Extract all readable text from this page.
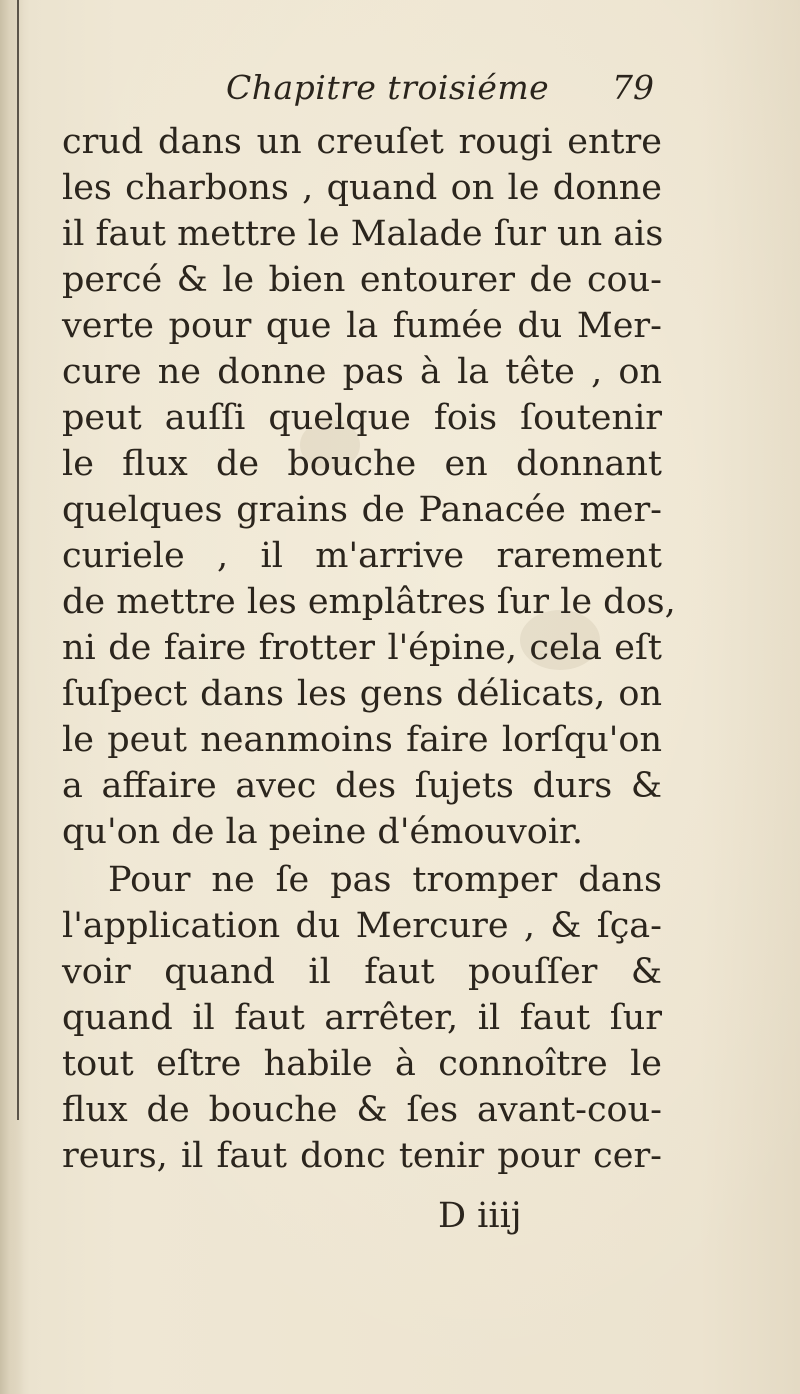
Chapitre troisiéme 79
crud dans un creuſet rougi entre
les charbons , quand on le donne
il faut mettre le Malade ſur un ais
percé & le bien entourer de cou-
verte pour que la fumée du Mer-
cure ne donne pas à la tête , on
peut auſſi quelque fois ſoutenir
le flux de bouche en donnant
quelques grains de Panacée mer-
curiele , il m'arrive rarement
de mettre les emplâtres ſur le dos,
ni de faire frotter l'épine, cela eſt
ſuſpect dans les gens délicats, on
le peut neanmoins faire lorſqu'on
a affaire avec des ſujets durs &
qu'on de la peine d'émouvoir.
Pour ne ſe pas tromper dans
l'application du Mercure , & ſça-
voir quand il faut pouſſer &
quand il faut arrêter, il faut ſur
tout eſtre habile à connoître le
flux de bouche & ſes avant-cou-
reurs, il faut donc tenir pour cer-
D iiij
